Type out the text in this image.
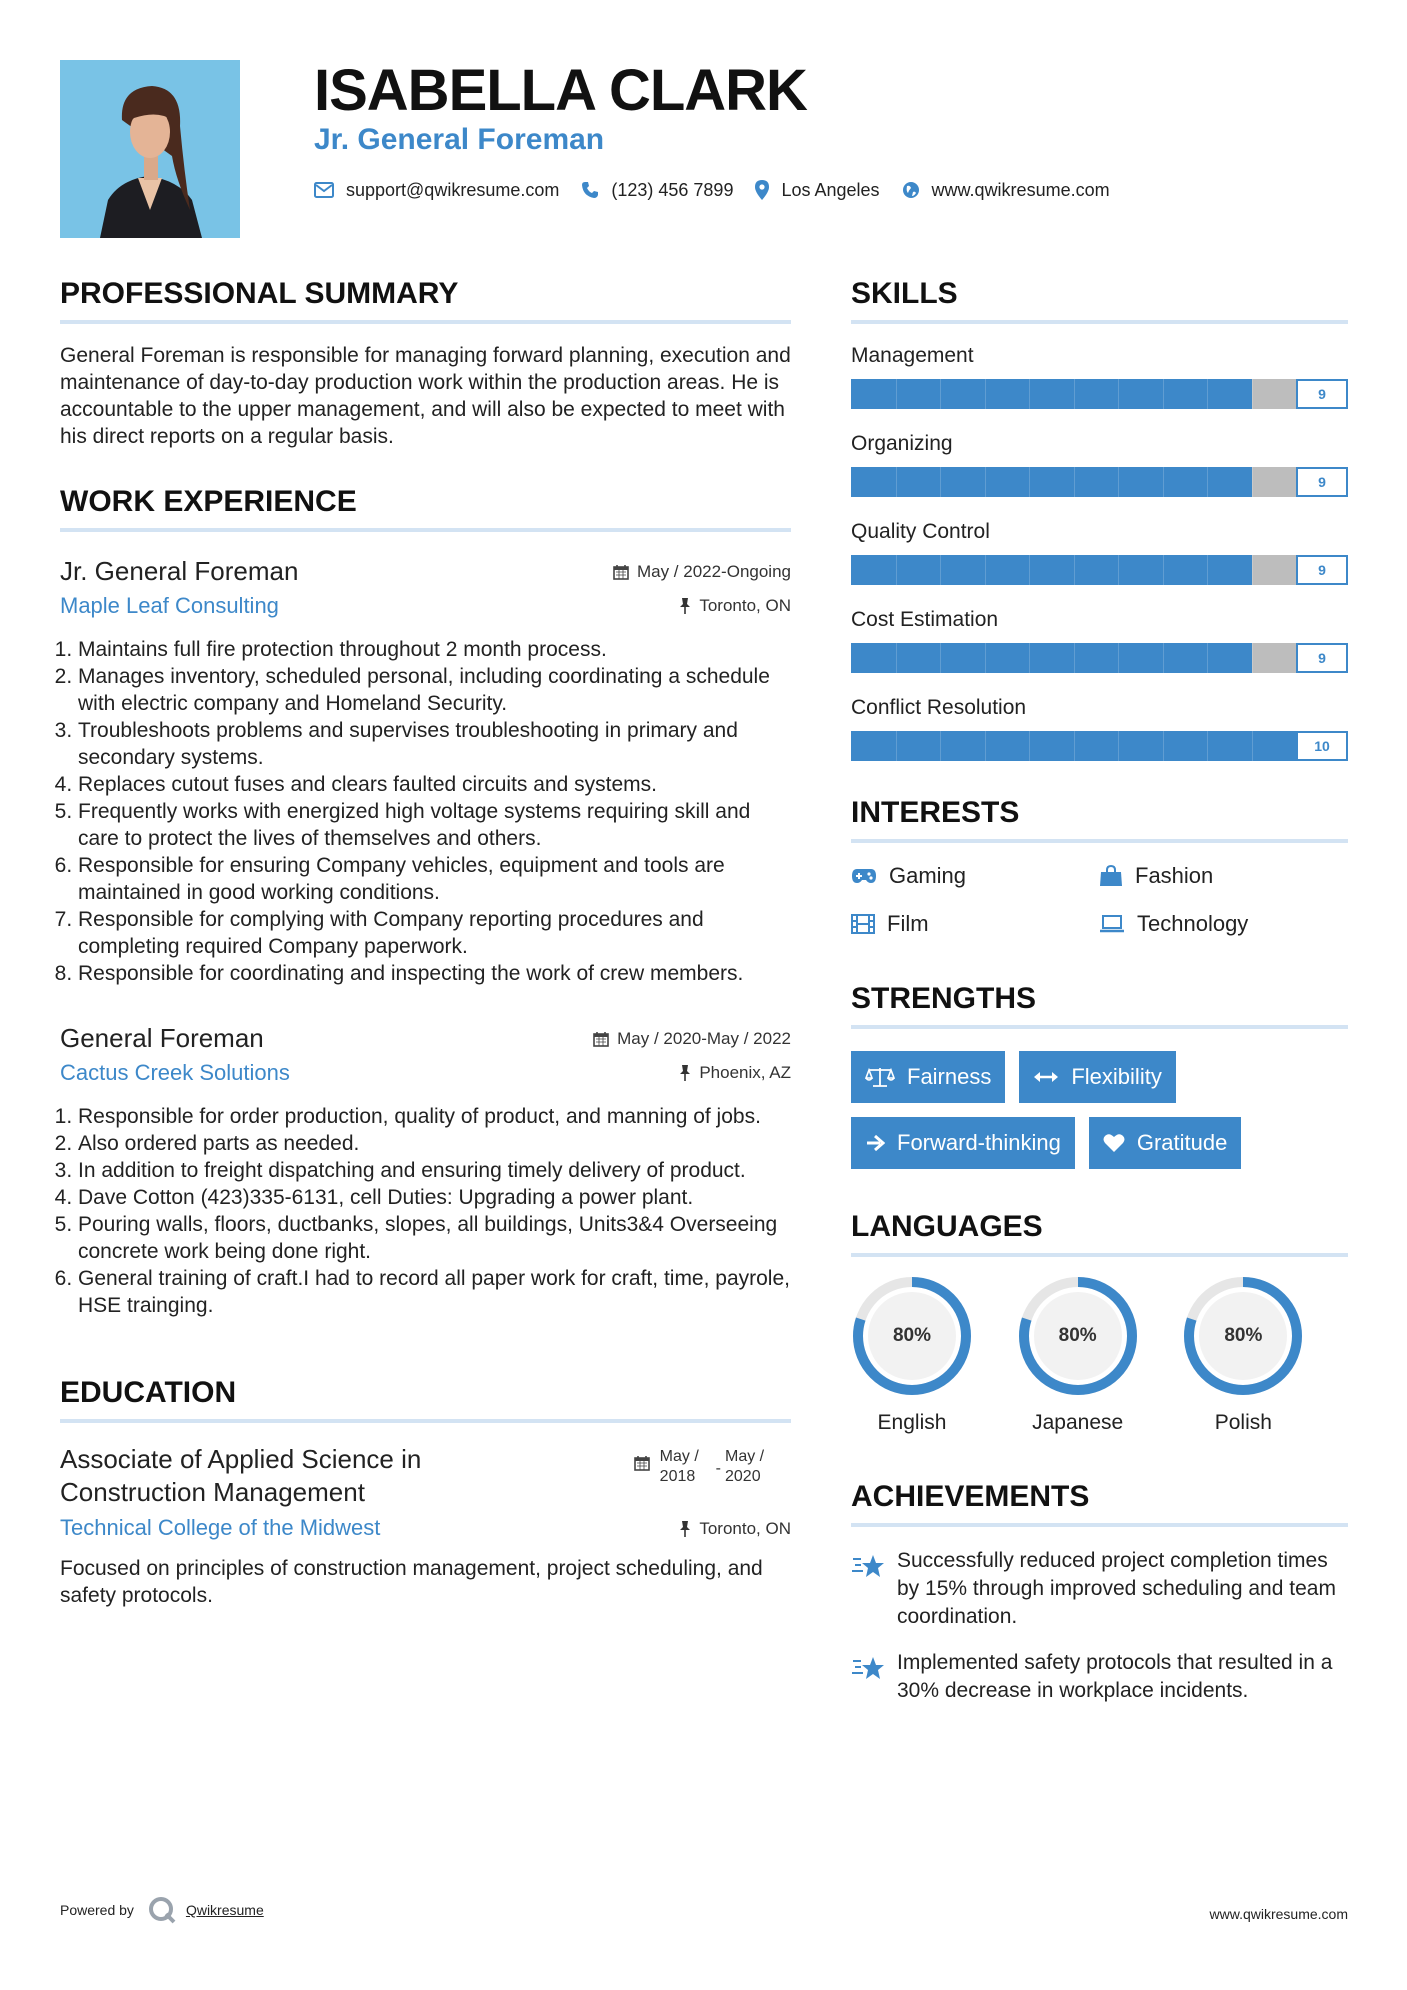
ISABELLA CLARK
Jr. General Foreman
support@qwikresume.com	(123) 456 7899	Los Angeles	www.qwikresume.com
PROFESSIONAL SUMMARY

General Foreman is responsible for managing forward planning, execution and maintenance of day-to-day production work within the production areas. He is accountable to the upper management, and will also be expected to meet with his direct reports on a regular basis.

WORK EXPERIENCE
Jr. General Foreman
Maple Leaf Consulting
May / 2022-Ongoing
Toronto, ON
1. Maintains full fire protection throughout 2 month process.
2. Manages inventory, scheduled personal, including coordinating a schedule with electric company and Homeland Security.
3. Troubleshoots problems and supervises troubleshooting in primary and secondary systems.
4. Replaces cutout fuses and clears faulted circuits and systems.
5. Frequently works with energized high voltage systems requiring skill and care to protect the lives of themselves and others.
6. Responsible for ensuring Company vehicles, equipment and tools are maintained in good working conditions.
7. Responsible for complying with Company reporting procedures and completing required Company paperwork.
8. Responsible for coordinating and inspecting the work of crew members.
General Foreman
Cactus Creek Solutions
May / 2020-May / 2022
Phoenix, AZ
1. Responsible for order production, quality of product, and manning of jobs.
2. Also ordered parts as needed.
3. In addition to freight dispatching and ensuring timely delivery of product.
4. Dave Cotton (423)335-6131, cell Duties: Upgrading a power plant.
5. Pouring walls, floors, ductbanks, slopes, all buildings, Units3&4 Overseeing concrete work being done right.
6. General training of craft.I had to record all paper work for craft, time, payrole, HSE trainging.
EDUCATION
Associate of Applied Science in Construction Management
Technical College of the Midwest
May /
2018	-
May /
2020
Toronto, ON

Focused on principles of construction management, project scheduling, and safety protocols.

SKILLS
Management
9
Organizing
9
Quality Control
9
Cost Estimation
9
Conflict Resolution
10
INTERESTS
Gaming	Fashion
Film	Technology
STRENGTHS
Fairness	Flexibility
Forward-thinking	Gratitude
LANGUAGES
80%
English
80%
Japanese
80%
Polish
ACHIEVEMENTS
Successfully reduced project completion times by 15% through improved scheduling and team coordination.
Implemented safety protocols that resulted in a 30% decrease in workplace incidents.
Powered by	Qwikresume	www.qwikresume.com
